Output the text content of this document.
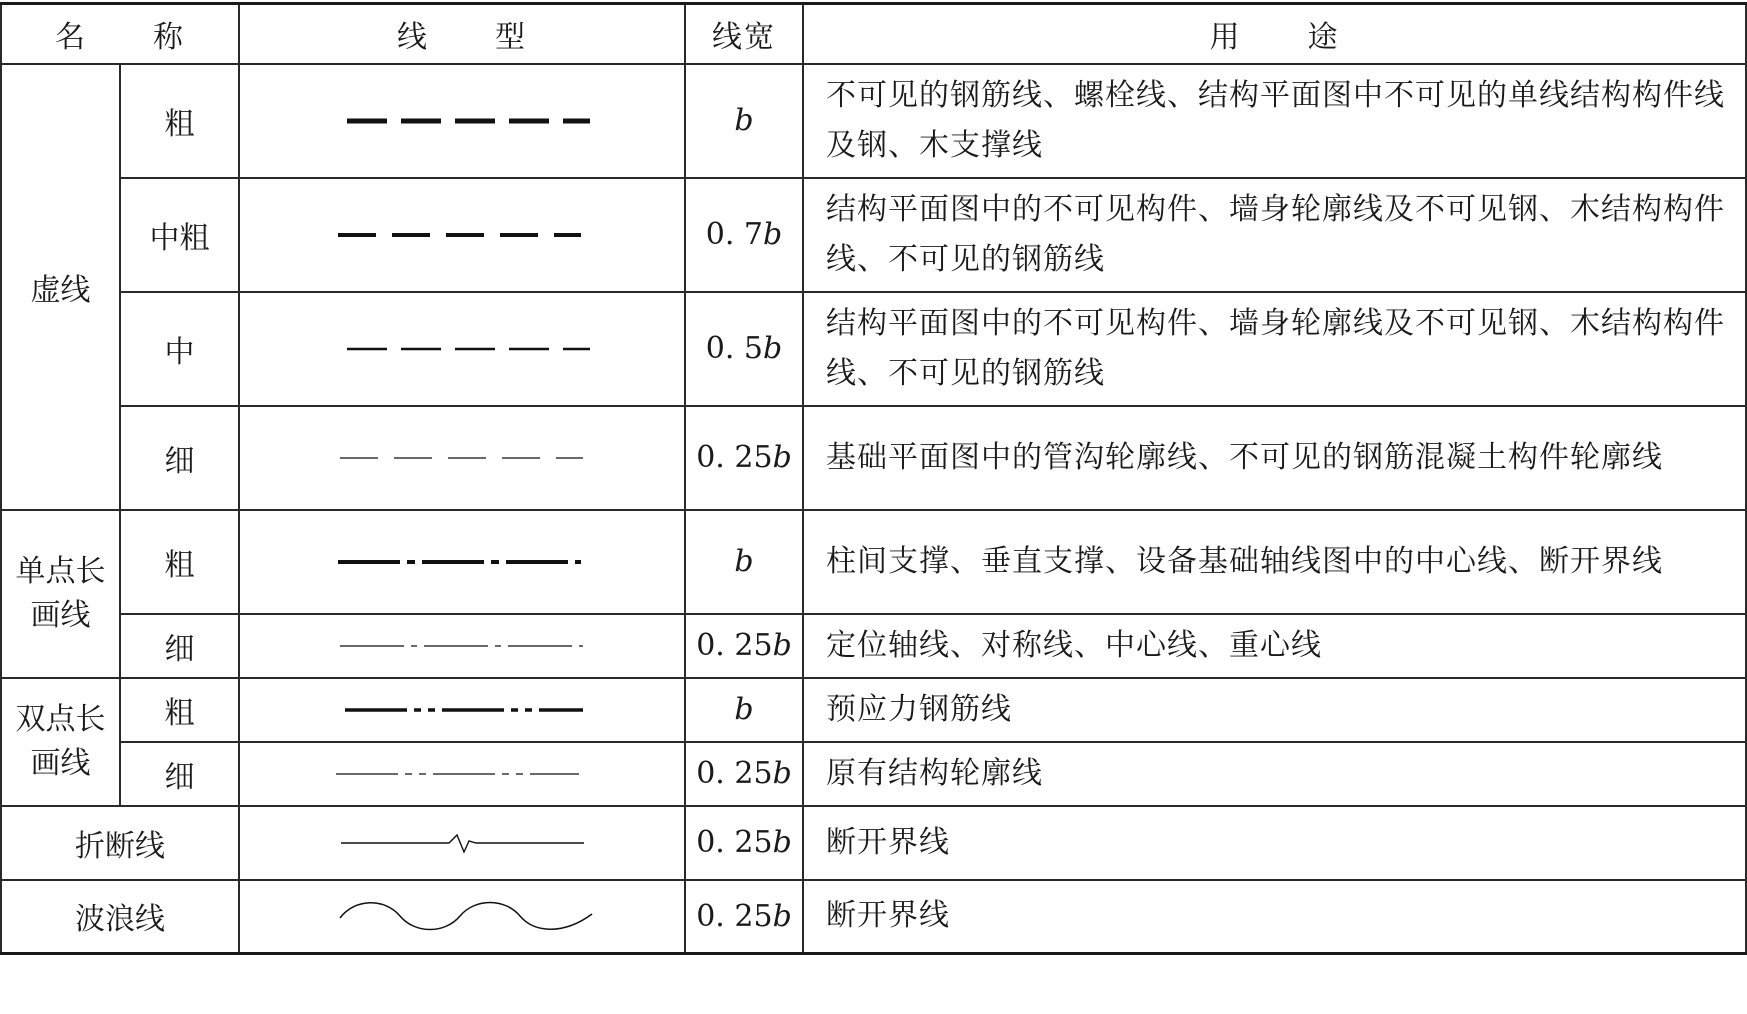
名 称		线 型	线宽	用 途
虚线	粗		b	不可见的钢筋线、螺栓线、结构平面图中不可见的单线结构构件线及钢、木支撑线
	中粗		0. 7b	结构平面图中的不可见构件、墙身轮廓线及不可见钢、木结构构件线、不可见的钢筋线
	中		0. 5b	结构平面图中的不可见构件、墙身轮廓线及不可见钢、木结构构件线、不可见的钢筋线
	细		0. 25b	基础平面图中的管沟轮廓线、不可见的钢筋混凝土构件轮廓线
单点长画线	粗		b	柱间支撑、垂直支撑、设备基础轴线图中的中心线、断开界线
	细		0. 25b	定位轴线、对称线、中心线、重心线
双点长画线	粗		b	预应力钢筋线
	细		0. 25b	原有结构轮廓线
折断线			0. 25b	断开界线
波浪线			0. 25b	断开界线
